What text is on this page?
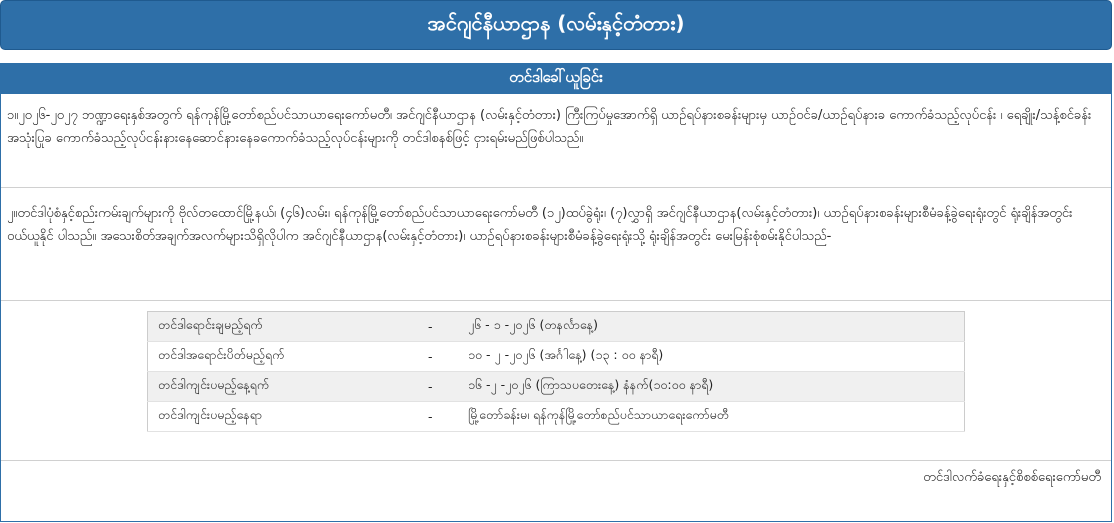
အင်ဂျင်နီယာဌာန (လမ်းနှင့်တံတား)
တင်ဒါခေါ်ယူခြင်း
၁။၂၀၂၆-၂၀၂၇ ဘဏ္ဍာရေးနှစ်အတွက် ရန်ကုန်မြို့တော်စည်ပင်သာယာရေးကော်မတီ၊ အင်ဂျင်နီယာဌာန (လမ်းနှင့်တံတား) ကြီးကြပ်မှုအောက်ရှိ ယာဉ်ရပ်နားစခန်းများမှ ယာဉ်ဝင်ခ/ယာဉ်ရပ်နားခ ကောက်ခံသည့်လုပ်ငန်း ၊ ရေချိုး/သန့်စင်ခန်း အသုံးပြုခ ကောက်ခံသည့်လုပ်ငန်းနားနေဆောင်နားနေခကောက်ခံသည့်လုပ်ငန်းများကို တင်ဒါစနစ်ဖြင့် ငှားရမ်းမည်ဖြစ်ပါသည်။
၂။တင်ဒါပုံစံနှင့်စည်းကမ်းချက်များကို ဗိုလ်တထောင်မြို့နယ်၊ (၄၆)လမ်း၊ ရန်ကုန်မြို့တော်စည်ပင်သာယာရေးကော်မတီ (၁၂)ထပ်ခွဲရုံး၊ (၇)လွှာရှိ အင်ဂျင်နီယာဌာန(လမ်းနှင့်တံတား)၊ ယာဉ်ရပ်နားစခန်းများစီမံခန့်ခွဲရေးရုံးတွင် ရုံးချိန်အတွင်း ဝယ်ယူနိုင် ပါသည်။ အသေးစိတ်အချက်အလက်များသိရှိလိုပါက အင်ဂျင်နီယာဌာန(လမ်းနှင့်တံတား)၊ ယာဉ်ရပ်နားစခန်းများစီမံခန့်ခွဲရေးရုံးသို့ ရုံးချိန်အတွင်း မေးမြန်းစုံစမ်းနိုင်ပါသည်-
တင်ဒါရောင်းချမည့်ရက်	-	၂၆ - ၁ -၂၀၂၆ (တနင်္လာနေ့)
တင်ဒါအရောင်းပိတ်မည့်ရက်	-	၁၀ - ၂ -၂၀၂၆ (အင်္ဂါနေ့) (၁၃ : ၀၀ နာရီ)
တင်ဒါကျင်းပမည့်နေ့ရက်	-	၁၆ -၂ -၂၀၂၆ (ကြာသပတေးနေ့) နံနက်(၁၀:၀၀ နာရီ)
တင်ဒါကျင်းပမည့်နေရာ	-	မြို့တော်ခန်းမ၊ ရန်ကုန်မြို့တော်စည်ပင်သာယာရေးကော်မတီ
တင်ဒါလက်ခံရေးနှင့်စိစစ်ရေးကော်မတီ
